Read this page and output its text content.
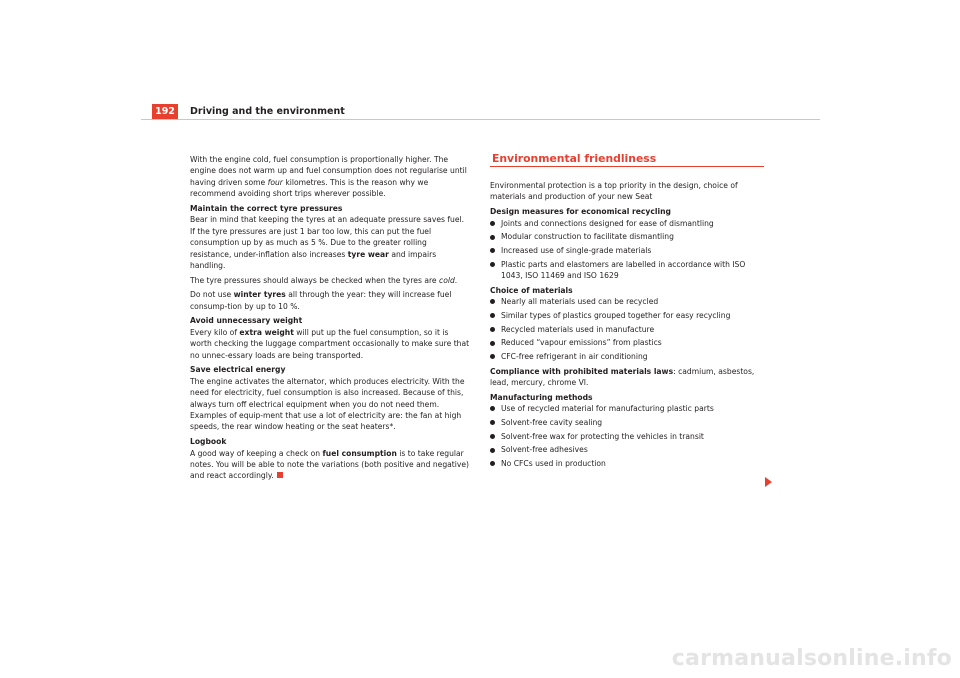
192	Driving and the environment

With the engine cold, fuel consumption is proportionally higher. The engine does not warm up and fuel consumption does not regularise until having driven some four kilometres. This is the reason why we recommend avoiding short trips wherever possible.

Maintain the correct tyre pressures

Bear in mind that keeping the tyres at an adequate pressure saves fuel. If the tyre pressures are just 1 bar too low, this can put the fuel consumption up by as much as 5 %. Due to the greater rolling resistance, under-inflation also increases tyre wear and impairs handling.

The tyre pressures should always be checked when the tyres are cold.

Do not use winter tyres all through the year: they will increase fuel consump-tion by up to 10 %.

Avoid unnecessary weight

Every kilo of extra weight will put up the fuel consumption, so it is worth checking the luggage compartment occasionally to make sure that no unnec-essary loads are being transported.

Save electrical energy

The engine activates the alternator, which produces electricity. With the need for electricity, fuel consumption is also increased. Because of this, always turn off electrical equipment when you do not need them. Examples of equip-ment that use a lot of electricity are: the fan at high speeds, the rear window heating or the seat heaters*.

Logbook

A good way of keeping a check on fuel consumption is to take regular notes. You will be able to note the variations (both positive and negative) and react accordingly.

Environmental friendliness

Environmental protection is a top priority in the design, choice of materials and production of your new Seat

Design measures for economical recycling

Joints and connections designed for ease of dismantling
Modular construction to facilitate dismantling
Increased use of single-grade materials
Plastic parts and elastomers are labelled in accordance with ISO 1043, ISO 11469 and ISO 1629

Choice of materials

Nearly all materials used can be recycled
Similar types of plastics grouped together for easy recycling
Recycled materials used in manufacture
Reduced “vapour emissions” from plastics
CFC-free refrigerant in air conditioning

Compliance with prohibited materials laws: cadmium, asbestos, lead, mercury, chrome VI.

Manufacturing methods

Use of recycled material for manufacturing plastic parts
Solvent-free cavity sealing
Solvent-free wax for protecting the vehicles in transit
Solvent-free adhesives
No CFCs used in production
carmanualsonline.info
